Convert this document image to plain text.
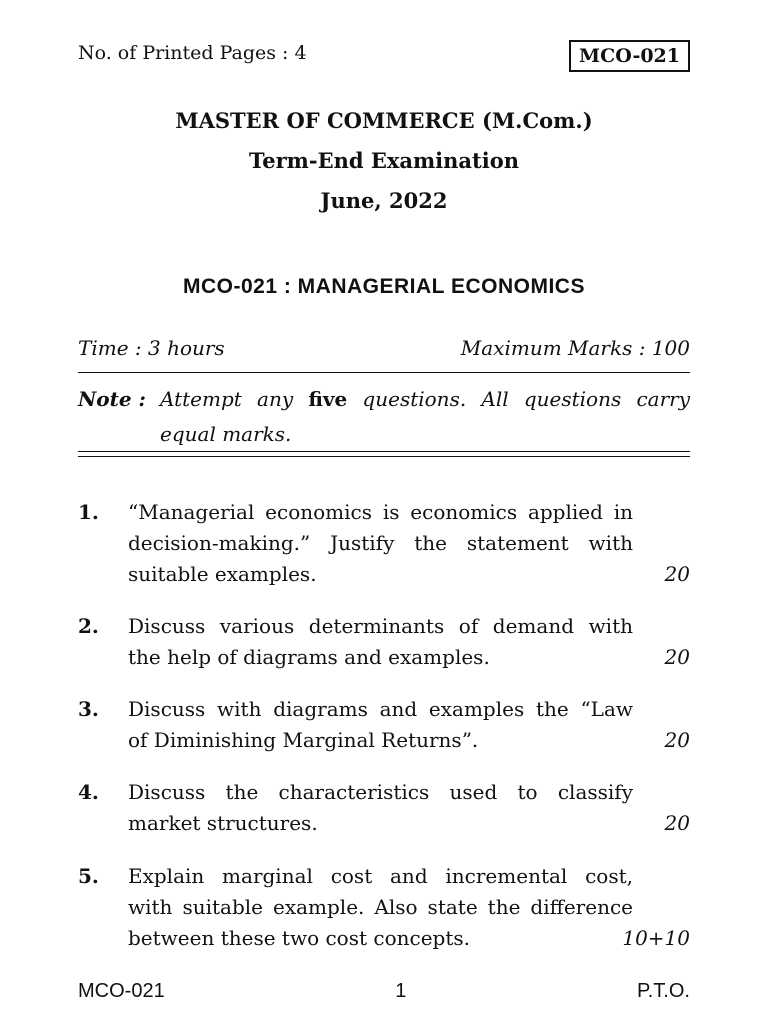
No. of Printed Pages : 4	MCO-021
MASTER OF COMMERCE (M.Com.)
Term-End Examination
June, 2022
MCO-021 : MANAGERIAL ECONOMICS
Time : 3 hours	Maximum Marks : 100
Note : Attempt any five questions. All questions carry
equal marks.
1. “Managerial economics is economics applied in
decision-making.” Justify the statement with
suitable examples.	20
2. Discuss various determinants of demand with
the help of diagrams and examples.	20
3. Discuss with diagrams and examples the “Law
of Diminishing Marginal Returns”.	20
4. Discuss the characteristics used to classify
market structures.	20
5. Explain marginal cost and incremental cost,
with suitable example. Also state the difference
between these two cost concepts.	10+10
MCO-021	1	P.T.O.
